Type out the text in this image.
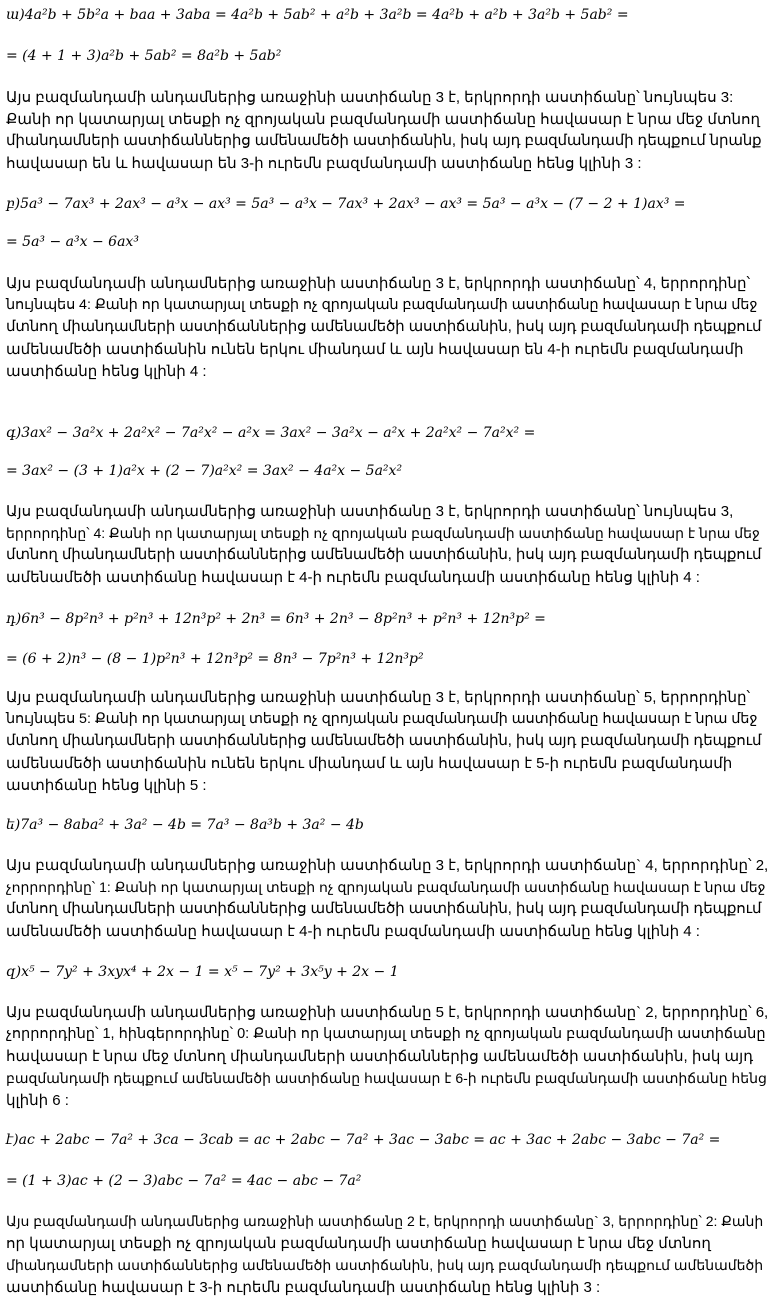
ա)4a²b + 5b²a + baa + 3aba = 4a²b + 5ab² + a²b + 3a²b = 4a²b + a²b + 3a²b + 5ab² =
= (4 + 1 + 3)a²b + 5ab² = 8a²b + 5ab²
Այս բազմանդամի անդամներից առաջինի աստիճանը 3 է, երկրորդի աստիճանը՝ նույնպես 3:
Քանի որ կատարյալ տեսքի ոչ զրոյական բազմանդամի աստիճանը հավասար է նրա մեջ մտնող
միանդամների աստիճաններից ամենամեծի աստիճանին, իսկ այդ բազմանդամի դեպքում նրանք
հավասար են և հավասար են 3-ի ուրեմն բազմանդամի աստիճանը հենց կլինի 3 :
բ)5a³ − 7ax³ + 2ax³ − a³x − ax³ = 5a³ − a³x − 7ax³ + 2ax³ − ax³ = 5a³ − a³x − (7 − 2 + 1)ax³ =
= 5a³ − a³x − 6ax³
Այս բազմանդամի անդամներից առաջինի աստիճանը 3 է, երկրորդի աստիճանը՝ 4, երրորդինը՝
նույնպես 4: Քանի որ կատարյալ տեսքի ոչ զրոյական բազմանդամի աստիճանը հավասար է նրա մեջ
մտնող միանդամների աստիճաններից ամենամեծի աստիճանին, իսկ այդ բազմանդամի դեպքում
ամենամեծի աստիճանին ունեն երկու միանդամ և այն հավասար են 4-ի ուրեմն բազմանդամի
աստիճանը հենց կլինի 4 :
գ)3ax² − 3a²x + 2a²x² − 7a²x² − a²x = 3ax² − 3a²x − a²x + 2a²x² − 7a²x² =
= 3ax² − (3 + 1)a²x + (2 − 7)a²x² = 3ax² − 4a²x − 5a²x²
Այս բազմանդամի անդամներից առաջինի աստիճանը 3 է, երկրորդի աստիճանը՝ նույնպես 3,
երրորդինը՝ 4: Քանի որ կատարյալ տեսքի ոչ զրոյական բազմանդամի աստիճանը հավասար է նրա մեջ
մտնող միանդամների աստիճաններից ամենամեծի աստիճանին, իսկ այդ բազմանդամի դեպքում
ամենամեծի աստիճանը հավասար է 4-ի ուրեմն բազմանդամի աստիճանը հենց կլինի 4 :
դ)6n³ − 8p²n³ + p²n³ + 12n³p² + 2n³ = 6n³ + 2n³ − 8p²n³ + p²n³ + 12n³p² =
= (6 + 2)n³ − (8 − 1)p²n³ + 12n³p² = 8n³ − 7p²n³ + 12n³p²
Այս բազմանդամի անդամներից առաջինի աստիճանը 3 է, երկրորդի աստիճանը՝ 5, երրորդինը՝
նույնպես 5: Քանի որ կատարյալ տեսքի ոչ զրոյական բազմանդամի աստիճանը հավասար է նրա մեջ
մտնող միանդամների աստիճաններից ամենամեծի աստիճանին, իսկ այդ բազմանդամի դեպքում
ամենամեծի աստիճանին ունեն երկու միանդամ և այն հավասար է 5-ի ուրեմն բազմանդամի
աստիճանը հենց կլինի 5 :
ե)7a³ − 8aba² + 3a² − 4b = 7a³ − 8a³b + 3a² − 4b
Այս բազմանդամի անդամներից առաջինի աստիճանը 3 է, երկրորդի աստիճանը` 4, երրորդինը՝ 2,
չորրորդինը՝ 1: Քանի որ կատարյալ տեսքի ոչ զրոյական բազմանդամի աստիճանը հավասար է նրա մեջ
մտնող միանդամների աստիճաններից ամենամեծի աստիճանին, իսկ այդ բազմանդամի դեպքում
ամենամեծի աստիճանը հավասար է 4-ի ուրեմն բազմանդամի աստիճանը հենց կլինի 4 :
զ)x⁵ − 7y² + 3xyx⁴ + 2x − 1 = x⁵ − 7y² + 3x⁵y + 2x − 1
Այս բազմանդամի անդամներից առաջինի աստիճանը 5 է, երկրորդի աստիճանը` 2, երրորդինը՝ 6,
չորրորդինը՝ 1, հինգերորդինը՝ 0: Քանի որ կատարյալ տեսքի ոչ զրոյական բազմանդամի աստիճանը
հավասար է նրա մեջ մտնող միանդամների աստիճաններից ամենամեծի աստիճանին, իսկ այդ
բազմանդամի դեպքում ամենամեծի աստիճանը հավասար է 6-ի ուրեմն բազմանդամի աստիճանը հենց
կլինի 6 :
է)ac + 2abc − 7a² + 3ca − 3cab = ac + 2abc − 7a² + 3ac − 3abc = ac + 3ac + 2abc − 3abc − 7a² =
= (1 + 3)ac + (2 − 3)abc − 7a² = 4ac − abc − 7a²
Այս բազմանդամի անդամներից առաջինի աստիճանը 2 է, երկրորդի աստիճանը` 3, երրորդինը՝ 2: Քանի
որ կատարյալ տեսքի ոչ զրոյական բազմանդամի աստիճանը հավասար է նրա մեջ մտնող
միանդամների աստիճաններից ամենամեծի աստիճանին, իսկ այդ բազմանդամի դեպքում ամենամեծի
աստիճանը հավասար է 3-ի ուրեմն բազմանդամի աստիճանը հենց կլինի 3 :
